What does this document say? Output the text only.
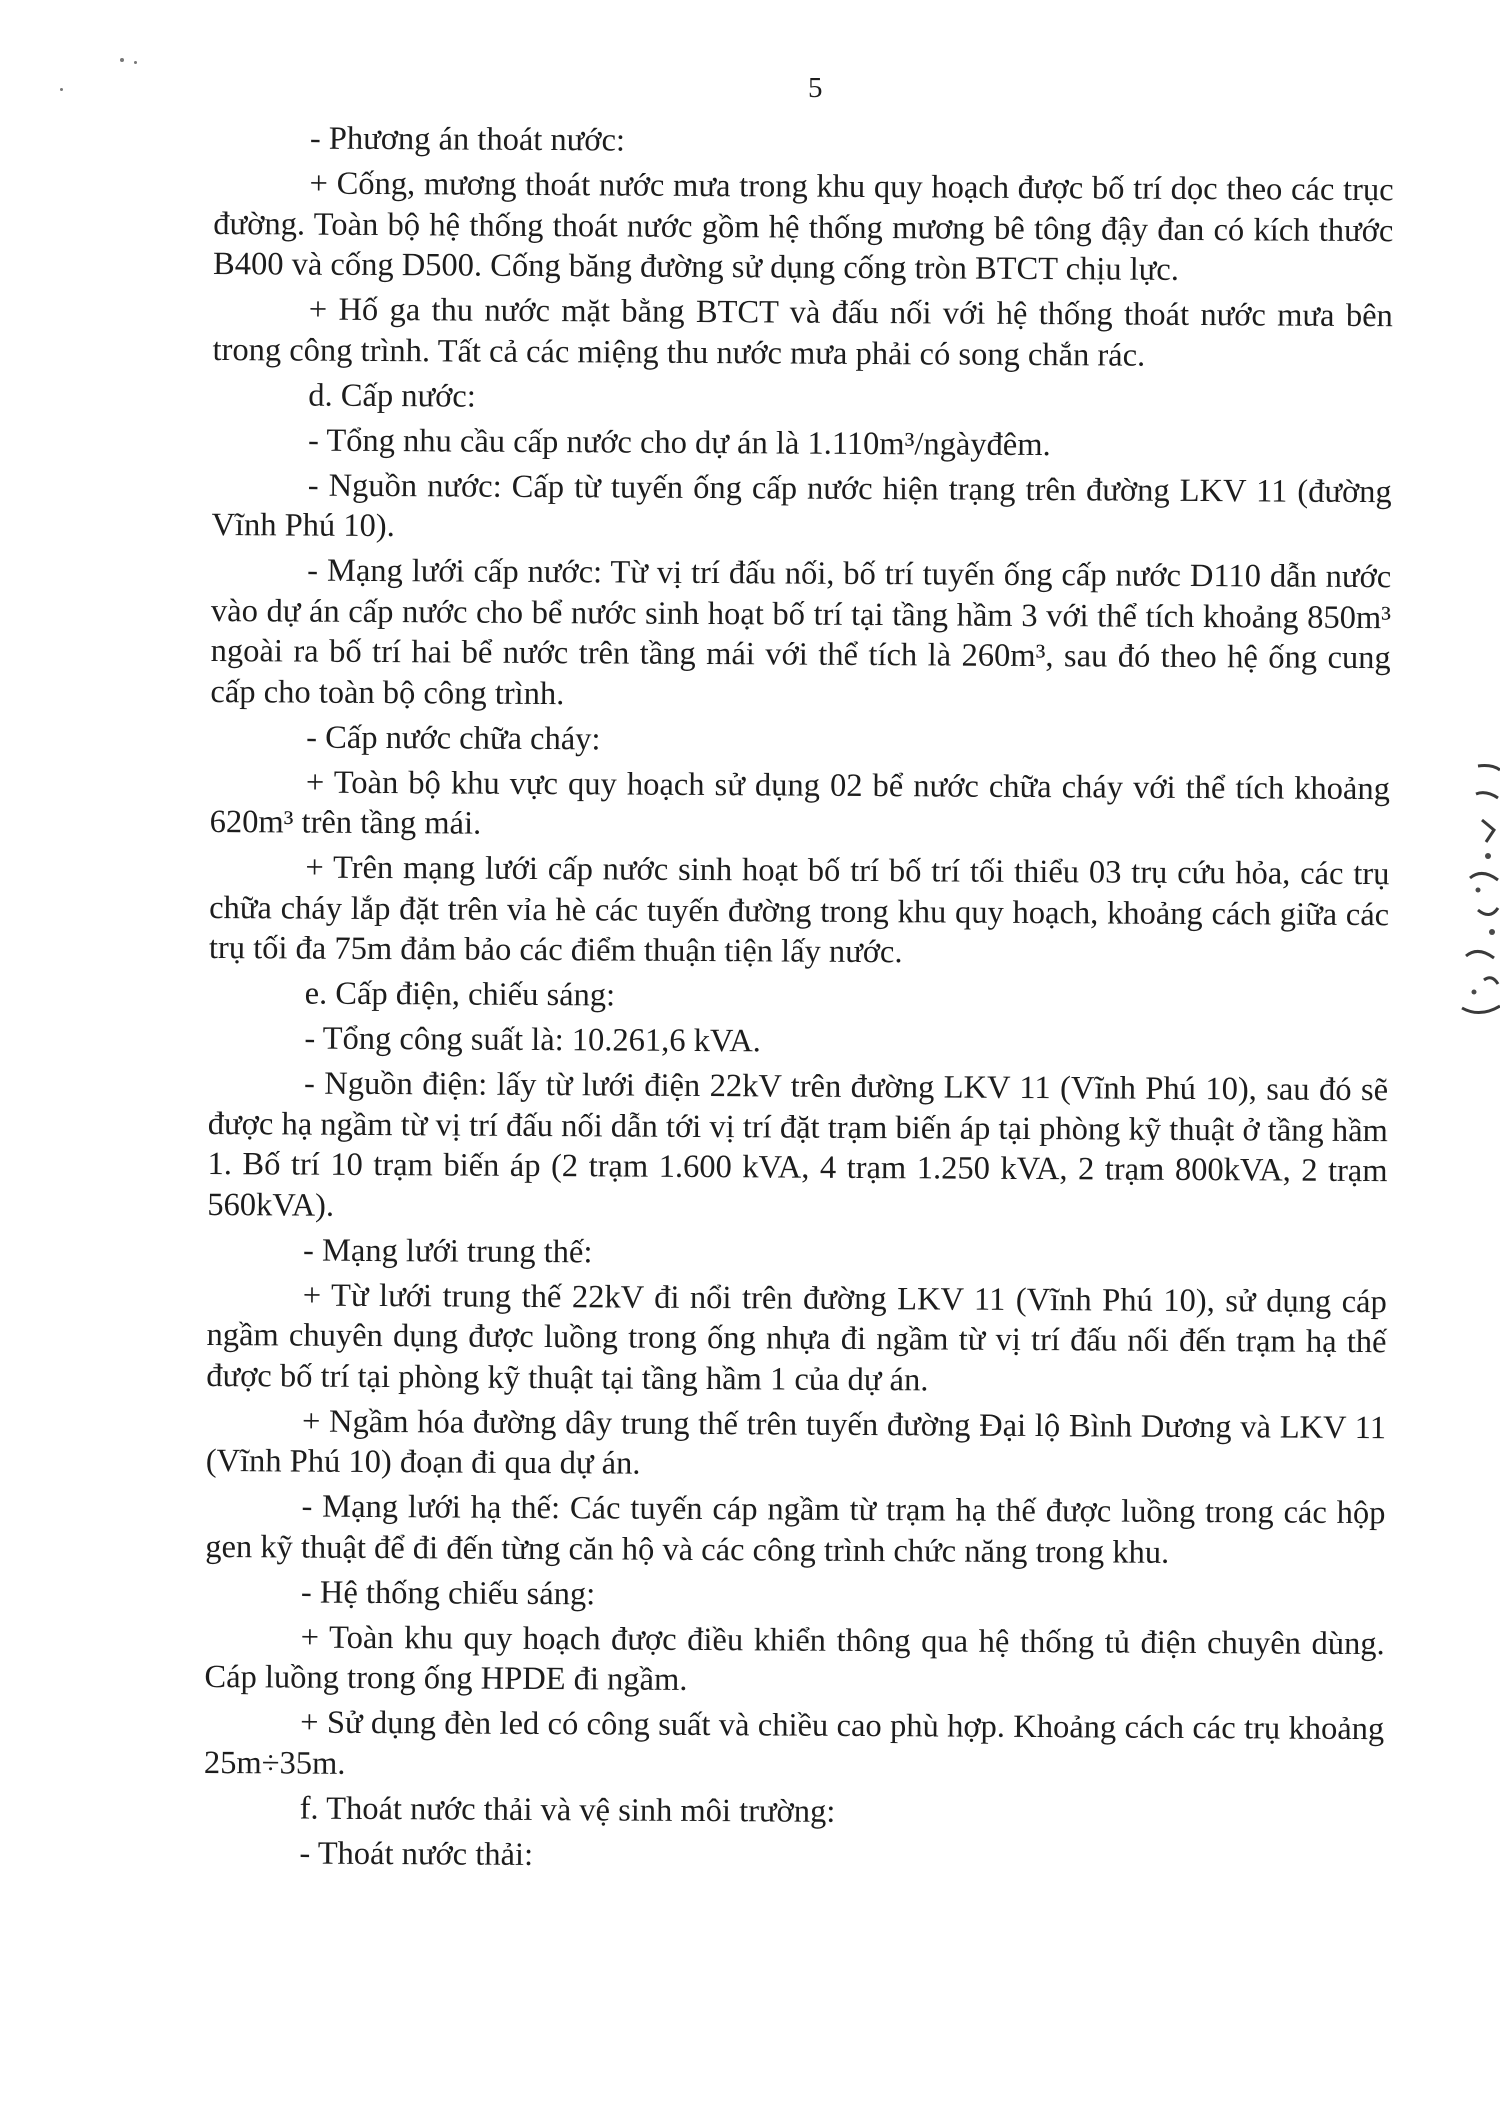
5

- Phương án thoát nước:

+ Cống, mương thoát nước mưa trong khu quy hoạch được bố trí dọc theo các trục đường. Toàn bộ hệ thống thoát nước gồm hệ thống mương bê tông đậy đan có kích thước B400 và cống D500. Cống băng đường sử dụng cống tròn BTCT chịu lực.

+ Hố ga thu nước mặt bằng BTCT và đấu nối với hệ thống thoát nước mưa bên trong công trình. Tất cả các miệng thu nước mưa phải có song chắn rác.

d. Cấp nước:

- Tổng nhu cầu cấp nước cho dự án là 1.110m³/ngàyđêm.

- Nguồn nước: Cấp từ tuyến ống cấp nước hiện trạng trên đường LKV 11 (đường Vĩnh Phú 10).

- Mạng lưới cấp nước: Từ vị trí đấu nối, bố trí tuyến ống cấp nước D110 dẫn nước vào dự án cấp nước cho bể nước sinh hoạt bố trí tại tầng hầm 3 với thể tích khoảng 850m³ ngoài ra bố trí hai bể nước trên tầng mái với thể tích là 260m³, sau đó theo hệ ống cung cấp cho toàn bộ công trình.

- Cấp nước chữa cháy:

+ Toàn bộ khu vực quy hoạch sử dụng 02 bể nước chữa cháy với thể tích khoảng 620m³ trên tầng mái.

+ Trên mạng lưới cấp nước sinh hoạt bố trí bố trí tối thiểu 03 trụ cứu hỏa, các trụ chữa cháy lắp đặt trên vỉa hè các tuyến đường trong khu quy hoạch, khoảng cách giữa các trụ tối đa 75m đảm bảo các điểm thuận tiện lấy nước.

e. Cấp điện, chiếu sáng:

- Tổng công suất là: 10.261,6 kVA.

- Nguồn điện: lấy từ lưới điện 22kV trên đường LKV 11 (Vĩnh Phú 10), sau đó sẽ được hạ ngầm từ vị trí đấu nối dẫn tới vị trí đặt trạm biến áp tại phòng kỹ thuật ở tầng hầm 1. Bố trí 10 trạm biến áp (2 trạm 1.600 kVA, 4 trạm 1.250 kVA, 2 trạm 800kVA, 2 trạm 560kVA).

- Mạng lưới trung thế:

+ Từ lưới trung thế 22kV đi nổi trên đường LKV 11 (Vĩnh Phú 10), sử dụng cáp ngầm chuyên dụng được luồng trong ống nhựa đi ngầm từ vị trí đấu nối đến trạm hạ thế được bố trí tại phòng kỹ thuật tại tầng hầm 1 của dự án.

+ Ngầm hóa đường dây trung thế trên tuyến đường Đại lộ Bình Dương và LKV 11 (Vĩnh Phú 10) đoạn đi qua dự án.

- Mạng lưới hạ thế: Các tuyến cáp ngầm từ trạm hạ thế được luồng trong các hộp gen kỹ thuật để đi đến từng căn hộ và các công trình chức năng trong khu.

- Hệ thống chiếu sáng:

+ Toàn khu quy hoạch được điều khiển thông qua hệ thống tủ điện chuyên dùng. Cáp luồng trong ống HPDE đi ngầm.

+ Sử dụng đèn led có công suất và chiều cao phù hợp. Khoảng cách các trụ khoảng 25m÷35m.

f. Thoát nước thải và vệ sinh môi trường:

- Thoát nước thải:
